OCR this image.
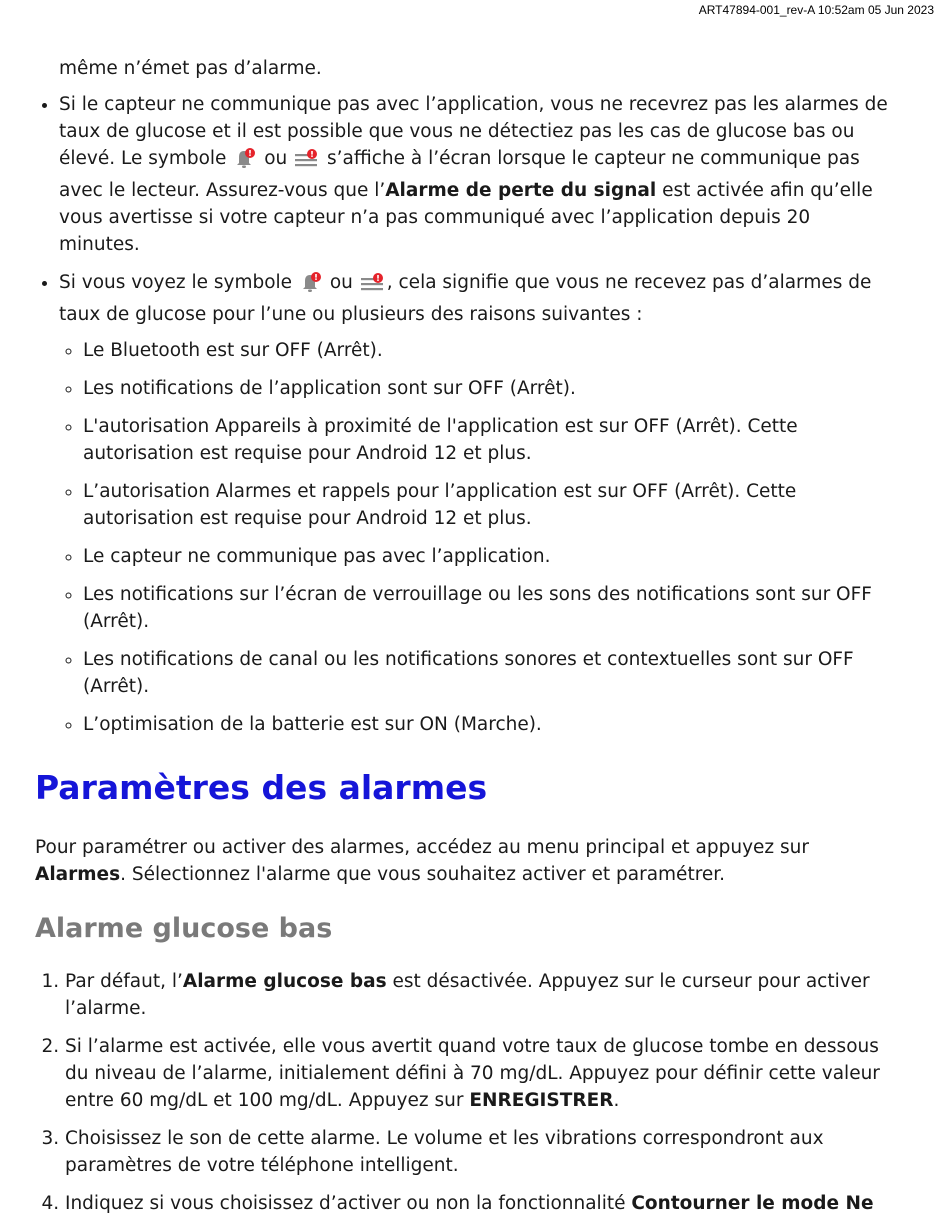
ART47894-001_rev-A 10:52am 05 Jun 2023

même n’émet pas d’alarme.

• Si le capteur ne communique pas avec l’application, vous ne recevrez pas les alarmes de taux de glucose et il est possible que vous ne détectiez pas les cas de glucose bas ou élevé. Le symbole  ou  s’affiche à l’écran lorsque le capteur ne communique pas avec le lecteur. Assurez-vous que l’Alarme de perte du signal est activée afin qu’elle vous avertisse si votre capteur n’a pas communiqué avec l’application depuis 20 minutes.
• Si vous voyez le symbole  ou , cela signifie que vous ne recevez pas d’alarmes de taux de glucose pour l’une ou plusieurs des raisons suivantes :
◦ Le Bluetooth est sur OFF (Arrêt).
◦ Les notifications de l’application sont sur OFF (Arrêt).
◦ L'autorisation Appareils à proximité de l'application est sur OFF (Arrêt). Cette autorisation est requise pour Android 12 et plus.
◦ L’autorisation Alarmes et rappels pour l’application est sur OFF (Arrêt). Cette autorisation est requise pour Android 12 et plus.
◦ Le capteur ne communique pas avec l’application.
◦ Les notifications sur l’écran de verrouillage ou les sons des notifications sont sur OFF (Arrêt).
◦ Les notifications de canal ou les notifications sonores et contextuelles sont sur OFF (Arrêt).
◦ L’optimisation de la batterie est sur ON (Marche).
Paramètres des alarmes

Pour paramétrer ou activer des alarmes, accédez au menu principal et appuyez sur Alarmes. Sélectionnez l'alarme que vous souhaitez activer et paramétrer.

Alarme glucose bas
1. Par défaut, l’Alarme glucose bas est désactivée. Appuyez sur le curseur pour activer l’alarme.
2. Si l’alarme est activée, elle vous avertit quand votre taux de glucose tombe en dessous du niveau de l’alarme, initialement défini à 70 mg/dL. Appuyez pour définir cette valeur entre 60 mg/dL et 100 mg/dL. Appuyez sur ENREGISTRER.
3. Choisissez le son de cette alarme. Le volume et les vibrations correspondront aux paramètres de votre téléphone intelligent.
4. Indiquez si vous choisissez d’activer ou non la fonctionnalité Contourner le mode Ne
